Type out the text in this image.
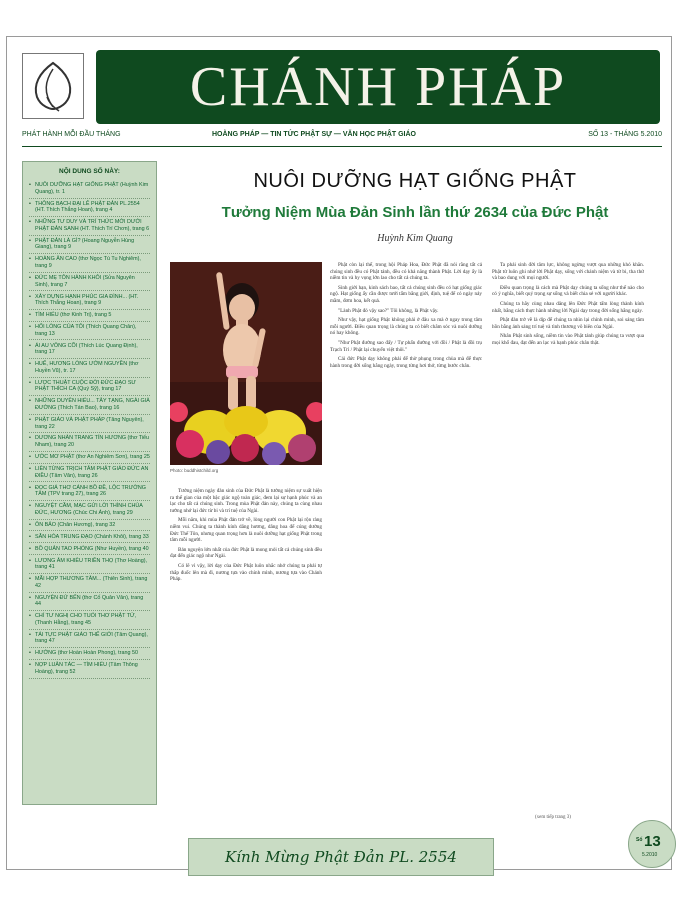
CHÁNH PHÁP
PHÁT HÀNH MỖI ĐẦU THÁNG	HOẰNG PHÁP — TIN TỨC PHẬT SỰ — VĂN HỌC PHẬT GIÁO	SỐ 13 - THÁNG 5.2010
NỘI DUNG SỐ NÀY:
• NUÔI DƯỠNG HẠT GIỐNG PHẬT (Huỳnh Kim Quang), tr. 1
• THÔNG BẠCH ĐẠI LỄ PHẬT ĐẢN PL.2554 (HT. Thích Thắng Hoan), trang 4
• NHỮNG TƯ DUY VÀ TRÍ THỨC MỚI DƯỚI PHẬT ĐẢN SANH (HT. Thích Trí Chơn), trang 6
• PHẬT ĐẢN LÀ GÌ? (Hoang Nguyễn Hùng Giang), trang 9
• HOÀNG ÂN CAO (thơ Ngọc Tú Tu Nghiêm), trang 9
• ĐỨC MẸ TÔN HÀNH KHÔI (Sửa Nguyên Sinh), trang 7
• XÂY DỰNG HẠNH PHÚC GIA ĐÌNH... (HT. Thích Thắng Hoan), trang 9
• TÌM HIỂU (thơ Kinh Trị), trang 5
• HỐI LÒNG CỦA TÔI (Thích Quang Chân), trang 13
• ÁI AU VÔNG CÕI (Thích Lúc Quang Định), trang 17
• HUẾ, HƯƠNG LÒNG ƯỚM NGUYỀN (thơ Huyền Vũ), tr. 17
• LƯỢC THUẬT CUỘC ĐỜI ĐỨC ĐẠO SƯ PHẬT THÍCH CA (Quý Sỹ), trang 17
• NHỮNG DUYÊN HIỂU... TÂY TẠNG, NGÀI GIÀ ĐƯỜNG (Thích Tán Bao), trang 16
• PHẬT GIÁO VÀ PHẬT PHÁP (Tăng Nguyên), trang 22
• DƯƠNG NHÀN TRANG TÍN HƯƠNG (thơ Tiểu Nham), trang 20
• ƯỚC MƠ PHẬT (thơ An Nghiêm Sơn), trang 25
• LIÊN TỪNG TRỊCH TÂM PHẬT GIÁO ĐỨC AN ĐIỀU (Tâm Văn), trang 26
• ĐỌC GIÁ THƠ CÁNH BỒ ĐỀ, LỘC TRƯỜNG TÂM (TPV trang 27), trang 26
• NGUYỆT CẦM, MẠC GỬI LỜI THÌNH CHÙA ĐỨC, HƯƠNG (Chúc Chi Ánh), trang 29
• ÔN BẢO (Chân Hương), trang 32
• SẮN HÓA TRUNG ĐẠO (Chánh Khôi), trang 33
• BỒ QUẢN TAO PHỔNG (Như Huyền), trang 40
• LƯƠNG ÂM KHIÊU TRIỀN THỌ (Thơ Hoàng), trang 41
• MÃI HỢP THƯƠNG TÂM... (Thiên Sinh), trang 42
• NGUYỆN ĐỨ BẾN (thơ Cố Quân Vân), trang 44
• CHÍ TƯ NGHỊ CHO TUỔI THƠ PHẬT TỬ, (Thanh Hằng), trang 45
• TÁI TỰC PHẬT GIÁO THẾ GIỚI (Tâm Quang), trang 47
• HƯỚNG (thơ Hoàn Hoàn Phong), trang 50
• NỢP LUÂN TÁC — TÌM HIỂU (Tâm Thông Hoàng), trang 52
NUÔI DƯỠNG HẠT GIỐNG PHẬT
Tưởng Niệm Mùa Đản Sinh lần thứ 2634 của Đức Phật
Huỳnh Kim Quang
Photo: buddhistchild.org

Tưởng niệm ngày đản sinh của Đức Phật là tưởng niệm sự xuất hiện ra thế gian của một bậc giác ngộ toàn giác, đem lại sự hạnh phúc và an lạc cho tất cả chúng sinh. Trong mùa Phật đản này, chúng ta cùng nhau tưởng nhớ lại đức từ bi và trí tuệ của Ngài.

Mỗi năm, khi mùa Phật đản trở về, lòng người con Phật lại rộn ràng niềm vui. Chúng ta thành kính dâng hương, dâng hoa để cúng dường Đức Thế Tôn, nhưng quan trọng hơn là nuôi dưỡng hạt giống Phật trong tâm mỗi người.

Bản nguyện lớn nhất của đức Phật là mong mỏi tất cả chúng sinh đều đạt đến giác ngộ như Ngài.

Có lẽ vì vậy, lời dạy của Đức Phật luôn nhắc nhở chúng ta phải tự thắp đuốc lên mà đi, nương tựa vào chính mình, nương tựa vào Chánh Pháp.

Phật còn lại thế, trong hội Pháp Hoa, Đức Phật đã nói rằng tất cả chúng sinh đều có Phật tánh, đều có khả năng thành Phật. Lời dạy ấy là niềm tin và hy vọng lớn lao cho tất cả chúng ta.

Sinh giới hạn, kinh sách bao, tất cả chúng sinh đều có hạt giống giác ngộ. Hạt giống ấy cần được tưới tẩm bằng giới, định, tuệ để có ngày nảy mầm, đơm hoa, kết quả.

"Lành Phật đó vậy sao?" Tôi không, là Phật vậy.

Như vậy, hạt giống Phật không phải ở đâu xa mà ở ngay trong tâm mỗi người. Điều quan trọng là chúng ta có biết chăm sóc và nuôi dưỡng nó hay không.

"Như Phật đường sao đấy / Tự phấn đường với đồi / Phật là đồi trụ Trạch Trì / Phật lại chuyển việt thôi."

Cái đức Phật dạy không phải để thờ phụng trong chùa mà để thực hành trong đời sống hằng ngày, trong từng hơi thở, từng bước chân.

Ta phải sinh đời tâm lực, không ngừng vượt qua những khó khăn. Phật tử luôn ghi nhớ lời Phật dạy, sống với chánh niệm và từ bi, tha thứ và bao dung với mọi người.

Điều quan trọng là cách mà Phật dạy chúng ta sống như thế nào cho có ý nghĩa, biết quý trọng sự sống và biết chia sẻ với người khác.

Chúng ta hãy cùng nhau dâng lên Đức Phật tấm lòng thành kính nhất, bằng cách thực hành những lời Ngài dạy trong đời sống hằng ngày.

Phật đản trở về là dịp để chúng ta nhìn lại chính mình, soi sáng tâm hồn bằng ánh sáng trí tuệ và tình thương vô biên của Ngài.

Nhân Phật sinh sống, niềm tin vào Phật tánh giúp chúng ta vượt qua mọi khổ đau, đạt đến an lạc và hạnh phúc chân thật.

(xem tiếp trang 3)
Kính Mừng Phật Đản PL. 2554
Số 13
5.2010
